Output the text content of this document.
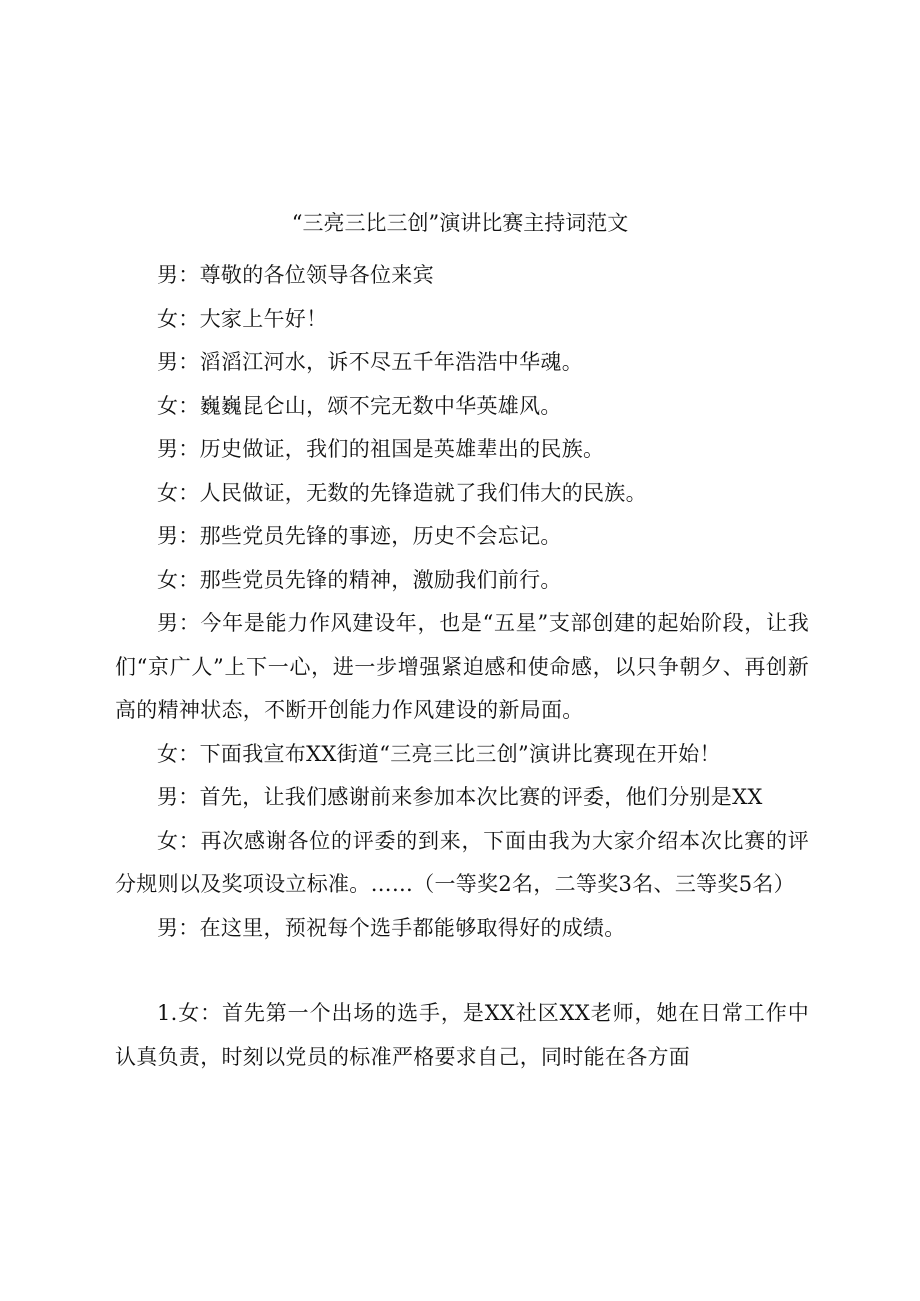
“三亮三比三创”演讲比赛主持词范文

男：尊敬的各位领导各位来宾

女：大家上午好！

男：滔滔江河水，诉不尽五千年浩浩中华魂。

女：巍巍昆仑山，颂不完无数中华英雄风。

男：历史做证，我们的祖国是英雄辈出的民族。

女：人民做证，无数的先锋造就了我们伟大的民族。

男：那些党员先锋的事迹，历史不会忘记。

女：那些党员先锋的精神，激励我们前行。

男：今年是能力作风建设年，也是“五星”支部创建的起始阶段，让我们“京广人”上下一心，进一步增强紧迫感和使命感，以只争朝夕、再创新高的精神状态，不断开创能力作风建设的新局面。

女：下面我宣布XX街道“三亮三比三创”演讲比赛现在开始！

男：首先，让我们感谢前来参加本次比赛的评委，他们分别是XX

女：再次感谢各位的评委的到来，下面由我为大家介绍本次比赛的评分规则以及奖项设立标准。……（一等奖2名，二等奖3名、三等奖5名）

男：在这里，预祝每个选手都能够取得好的成绩。

1.女：首先第一个出场的选手，是XX社区XX老师，她在日常工作中认真负责，时刻以党员的标准严格要求自己，同时能在各方面
